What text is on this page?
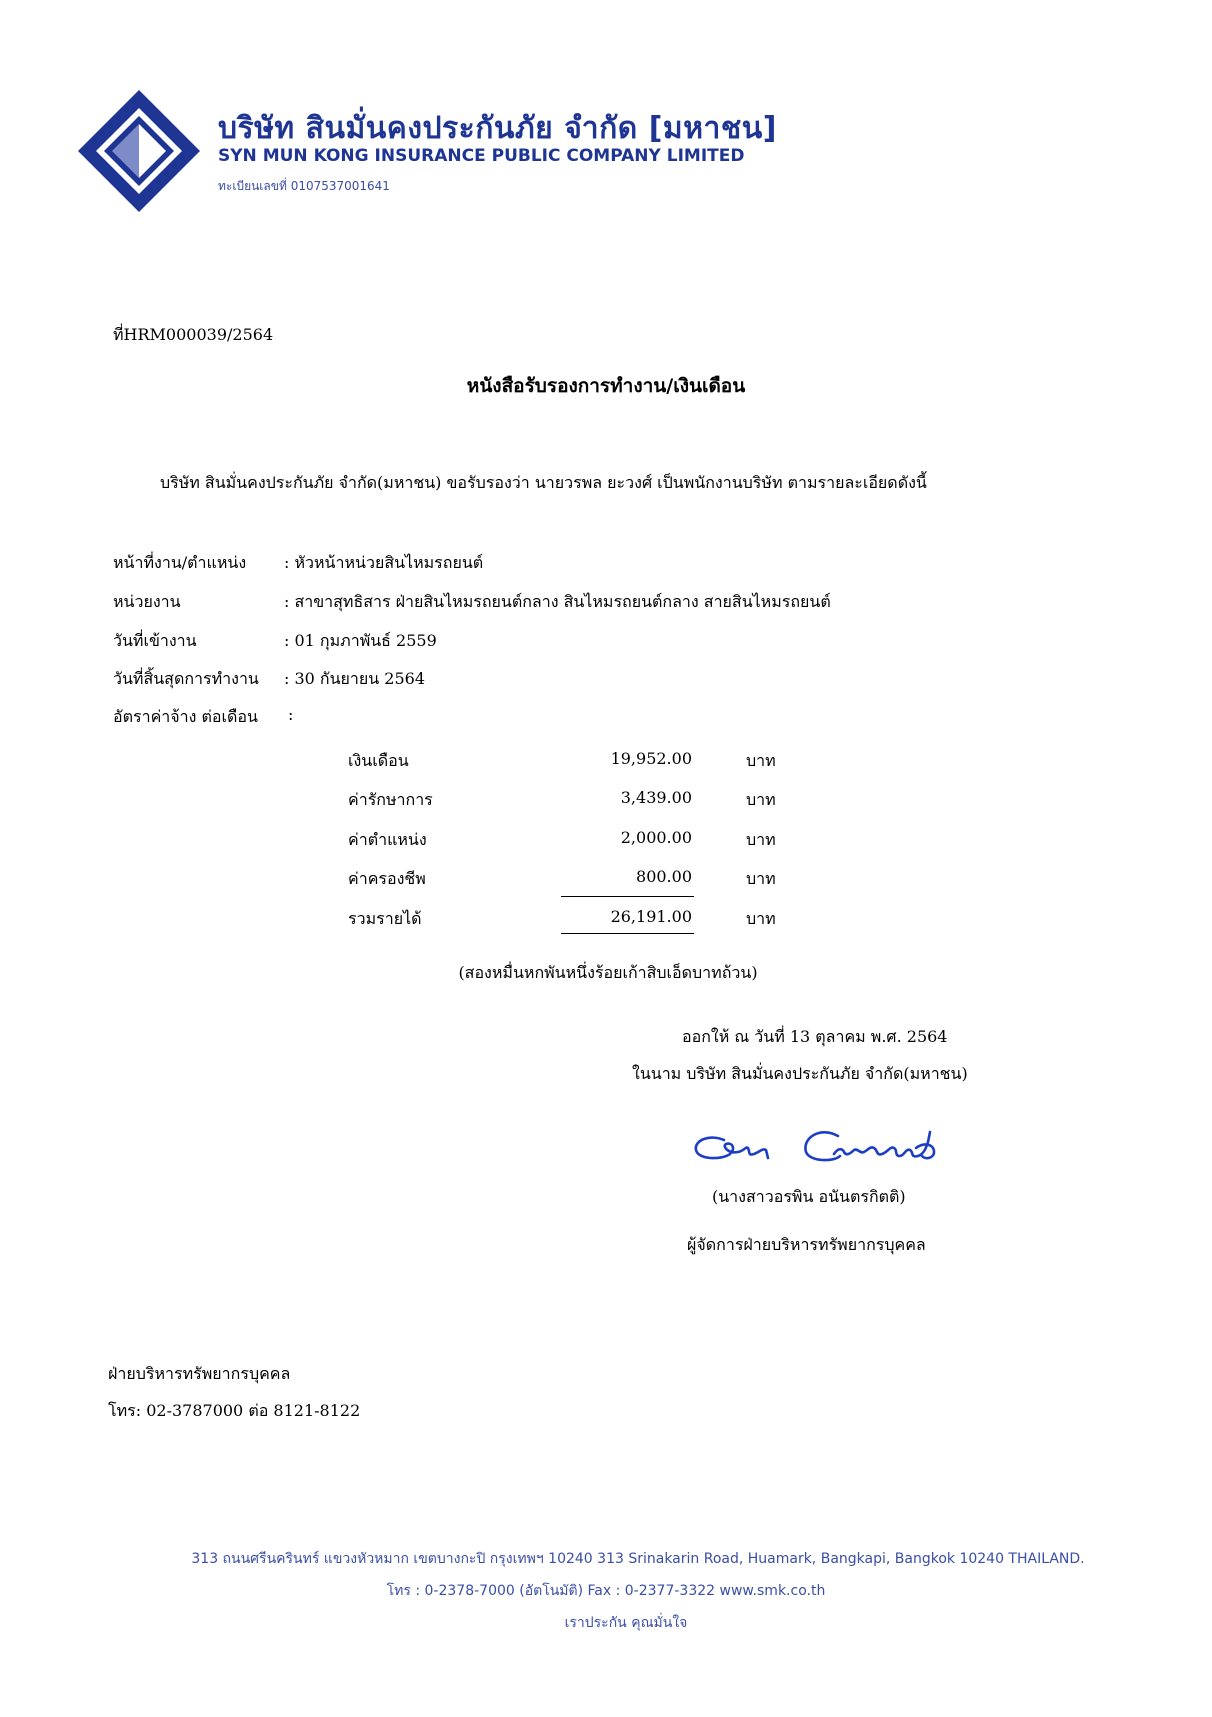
บริษัท สินมั่นคงประกันภัย จำกัด [มหาชน]
SYN MUN KONG INSURANCE PUBLIC COMPANY LIMITED
ทะเบียนเลขที่ 0107537001641
ที่HRM000039/2564
หนังสือรับรองการทำงาน/เงินเดือน
บริษัท สินมั่นคงประกันภัย จำกัด(มหาชน) ขอรับรองว่า นายวรพล ยะวงศ์ เป็นพนักงานบริษัท ตามรายละเอียดดังนี้
หน้าที่งาน/ตำแหน่ง : หัวหน้าหน่วยสินไหมรถยนต์
หน่วยงาน	: สาขาสุทธิสาร ฝ่ายสินไหมรถยนต์กลาง สินไหมรถยนต์กลาง สายสินไหมรถยนต์
วันที่เข้างาน	: 01 กุมภาพันธ์ 2559
วันที่สิ้นสุดการทำงาน : 30 กันยายน 2564
อัตราค่าจ้าง ต่อเดือน :
เงินเดือน	19,952.00	บาท
ค่ารักษาการ	3,439.00	บาท
ค่าตำแหน่ง	2,000.00	บาท
ค่าครองชีพ	800.00	บาท
รวมรายได้	26,191.00	บาท
(สองหมื่นหกพันหนึ่งร้อยเก้าสิบเอ็ดบาทถ้วน)
ออกให้ ณ วันที่ 13 ตุลาคม พ.ศ. 2564
ในนาม บริษัท สินมั่นคงประกันภัย จำกัด(มหาชน)
(นางสาวอรพิน อนันตรกิตติ)
ผู้จัดการฝ่ายบริหารทรัพยากรบุคคล
ฝ่ายบริหารทรัพยากรบุคคล
โทร: 02-3787000 ต่อ 8121-8122
313 ถนนศรีนครินทร์ แขวงหัวหมาก เขตบางกะปิ กรุงเทพฯ 10240 313 Srinakarin Road, Huamark, Bangkapi, Bangkok 10240 THAILAND.
โทร : 0-2378-7000 (อัตโนมัติ) Fax : 0-2377-3322 www.smk.co.th
เราประกัน คุณมั่นใจ
